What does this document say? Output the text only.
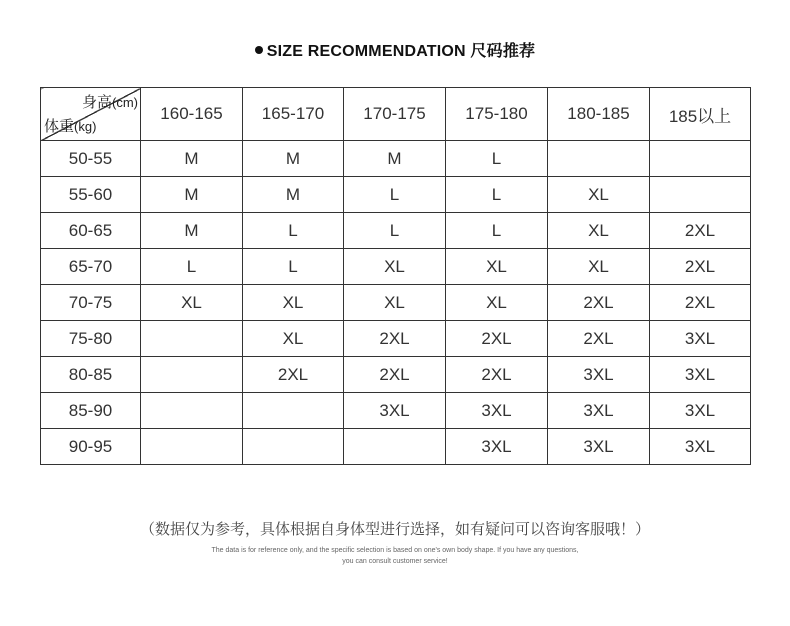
SIZE RECOMMENDATION 尺码推荐
身高(cm)
体重(kg)	160-165	165-170	170-175	175-180	180-185	185以上
50-55	M	M	M	L		
55-60	M	M	L	L	XL	
60-65	M	L	L	L	XL	2XL
65-70	L	L	XL	XL	XL	2XL
70-75	XL	XL	XL	XL	2XL	2XL
75-80		XL	2XL	2XL	2XL	3XL
80-85		2XL	2XL	2XL	3XL	3XL
85-90			3XL	3XL	3XL	3XL
90-95				3XL	3XL	3XL
（数据仅为参考，具体根据自身体型进行选择，如有疑问可以咨询客服哦！）
The data is for reference only, and the specific selection is based on one's own body shape. If you have any questions,
you can consult customer service!
